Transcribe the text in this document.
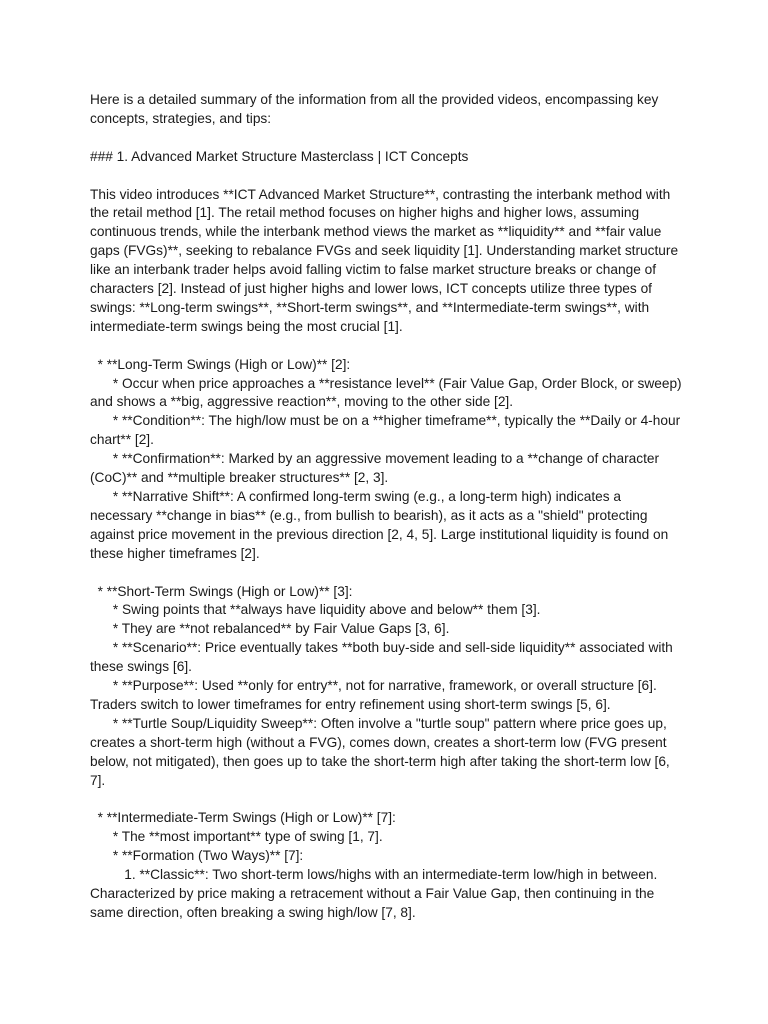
Here is a detailed summary of the information from all the provided videos, encompassing key concepts, strategies, and tips:

### 1. Advanced Market Structure Masterclass | ICT Concepts

This video introduces **ICT Advanced Market Structure**, contrasting the interbank method with the retail method [1]. The retail method focuses on higher highs and higher lows, assuming continuous trends, while the interbank method views the market as **liquidity** and **fair value gaps (FVGs)**, seeking to rebalance FVGs and seek liquidity [1]. Understanding market structure like an interbank trader helps avoid falling victim to false market structure breaks or change of characters [2]. Instead of just higher highs and lower lows, ICT concepts utilize three types of swings: **Long-term swings**, **Short-term swings**, and **Intermediate-term swings**, with intermediate-term swings being the most crucial [1].

* **Long-Term Swings (High or Low)** [2]:

* Occur when price approaches a **resistance level** (Fair Value Gap, Order Block, or sweep) and shows a **big, aggressive reaction**, moving to the other side [2].

* **Condition**: The high/low must be on a **higher timeframe**, typically the **Daily or 4-hour chart** [2].

* **Confirmation**: Marked by an aggressive movement leading to a **change of character (CoC)** and **multiple breaker structures** [2, 3].

* **Narrative Shift**: A confirmed long-term swing (e.g., a long-term high) indicates a necessary **change in bias** (e.g., from bullish to bearish), as it acts as a "shield" protecting against price movement in the previous direction [2, 4, 5]. Large institutional liquidity is found on these higher timeframes [2].

* **Short-Term Swings (High or Low)** [3]:

* Swing points that **always have liquidity above and below** them [3].

* They are **not rebalanced** by Fair Value Gaps [3, 6].

* **Scenario**: Price eventually takes **both buy-side and sell-side liquidity** associated with these swings [6].

* **Purpose**: Used **only for entry**, not for narrative, framework, or overall structure [6]. Traders switch to lower timeframes for entry refinement using short-term swings [5, 6].

* **Turtle Soup/Liquidity Sweep**: Often involve a "turtle soup" pattern where price goes up, creates a short-term high (without a FVG), comes down, creates a short-term low (FVG present below, not mitigated), then goes up to take the short-term high after taking the short-term low [6, 7].

* **Intermediate-Term Swings (High or Low)** [7]:

* The **most important** type of swing [1, 7].

* **Formation (Two Ways)** [7]:

1. **Classic**: Two short-term lows/highs with an intermediate-term low/high in between. Characterized by price making a retracement without a Fair Value Gap, then continuing in the same direction, often breaking a swing high/low [7, 8].
